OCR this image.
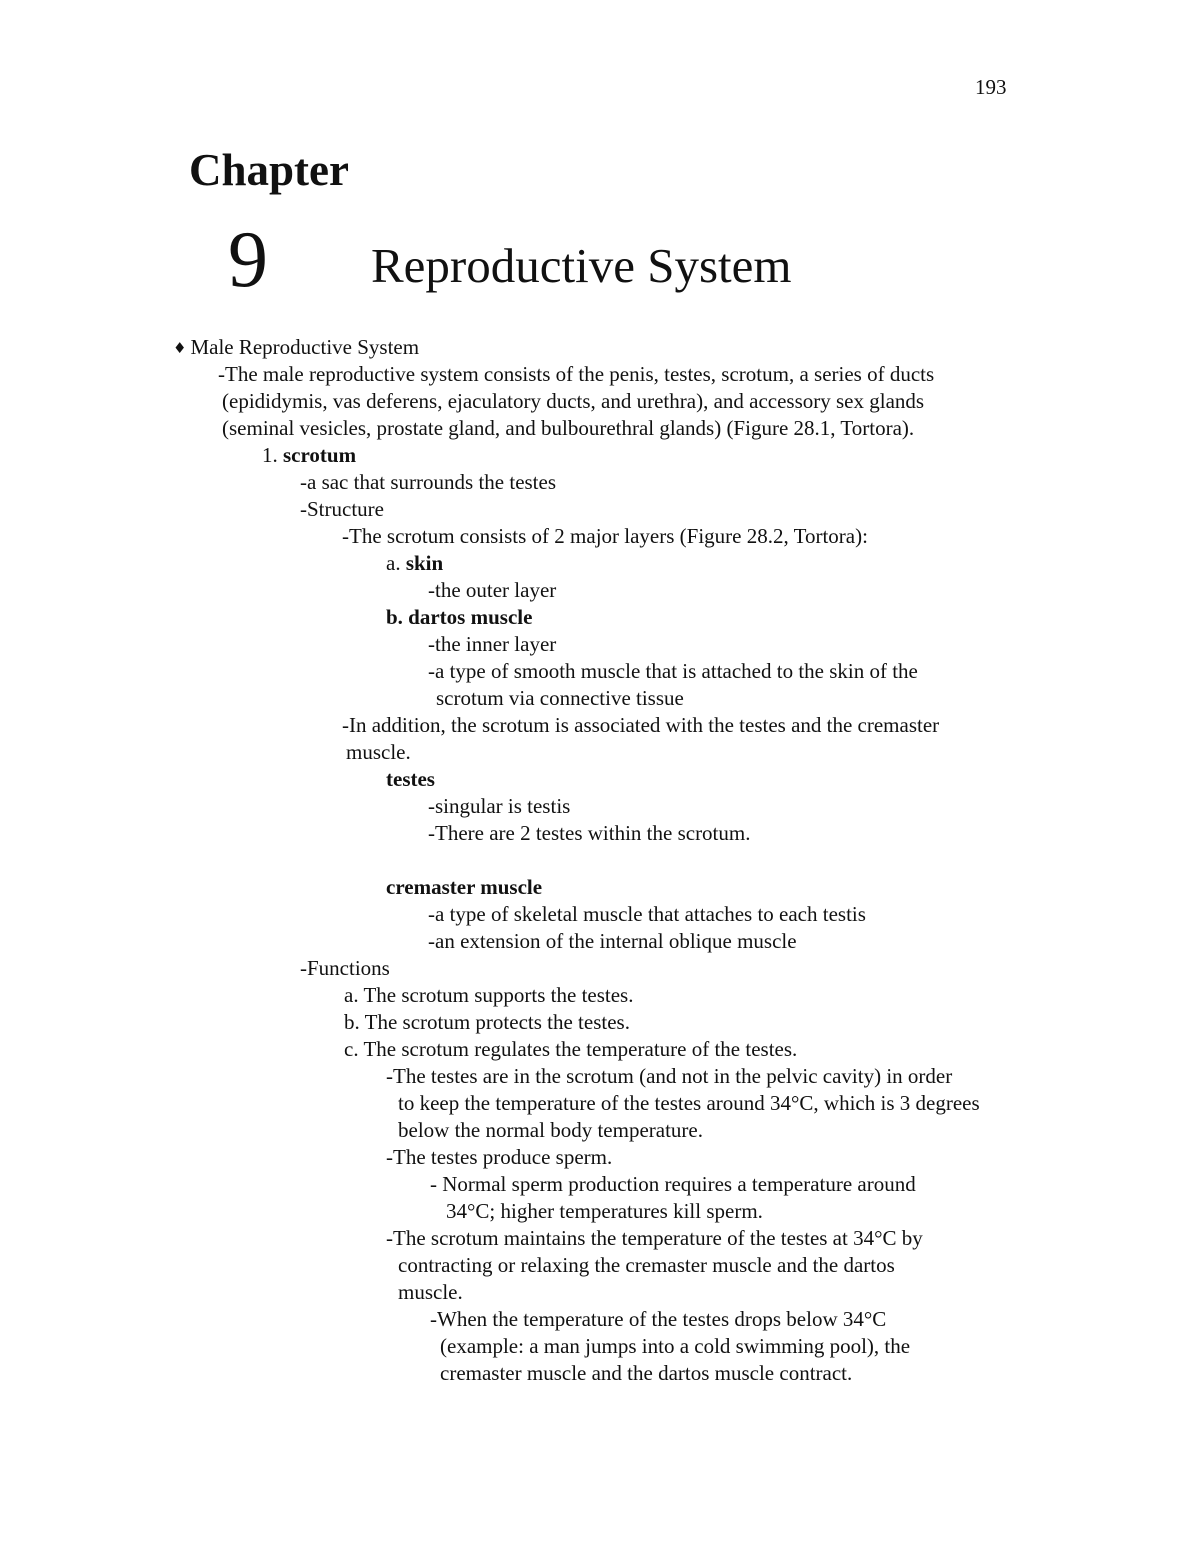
193
Chapter
9 Reproductive System
♦ Male Reproductive System
-The male reproductive system consists of the penis, testes, scrotum, a series of ducts
(epididymis, vas deferens, ejaculatory ducts, and urethra), and accessory sex glands
(seminal vesicles, prostate gland, and bulbourethral glands) (Figure 28.1, Tortora).
1. scrotum
-a sac that surrounds the testes
-Structure
-The scrotum consists of 2 major layers (Figure 28.2, Tortora):
a. skin
-the outer layer
b. dartos muscle
-the inner layer
-a type of smooth muscle that is attached to the skin of the
scrotum via connective tissue
-In addition, the scrotum is associated with the testes and the cremaster
muscle.
testes
-singular is testis
-There are 2 testes within the scrotum.
cremaster muscle
-a type of skeletal muscle that attaches to each testis
-an extension of the internal oblique muscle
-Functions
a. The scrotum supports the testes.
b. The scrotum protects the testes.
c. The scrotum regulates the temperature of the testes.
-The testes are in the scrotum (and not in the pelvic cavity) in order
to keep the temperature of the testes around 34°C, which is 3 degrees
below the normal body temperature.
-The testes produce sperm.
- Normal sperm production requires a temperature around
34°C; higher temperatures kill sperm.
-The scrotum maintains the temperature of the testes at 34°C by
contracting or relaxing the cremaster muscle and the dartos
muscle.
-When the temperature of the testes drops below 34°C
(example: a man jumps into a cold swimming pool), the
cremaster muscle and the dartos muscle contract.
